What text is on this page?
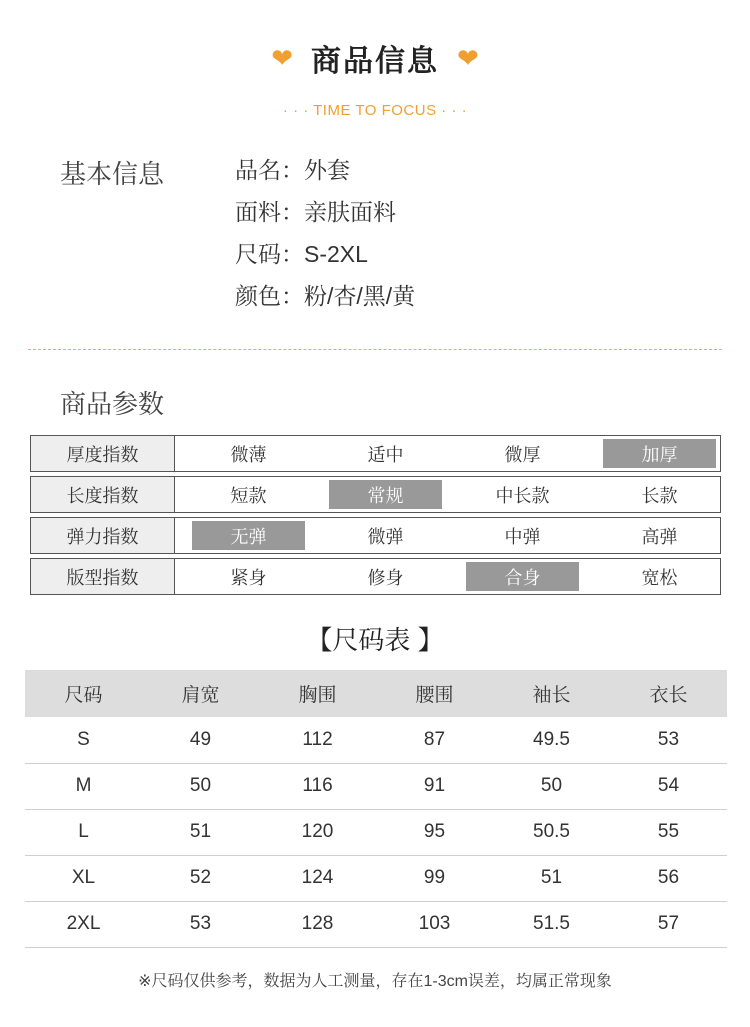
❤ 商品信息 ❤
· · · TIME TO FOCUS · · ·
基本信息	品名：外套
面料：亲肤面料
尺码：S-2XL
颜色：粉/杏/黑/黄
商品参数
厚度指数	微薄	适中	微厚	加厚
长度指数	短款	常规	中长款	长款
弹力指数	无弹	微弹	中弹	高弹
版型指数	紧身	修身	合身	宽松
【尺码表 】
尺码	肩宽	胸围	腰围	袖长	衣长
S	49	112	87	49.5	53
M	50	116	91	50	54
L	51	120	95	50.5	55
XL	52	124	99	51	56
2XL	53	128	103	51.5	57
※尺码仅供参考，数据为人工测量，存在1-3cm误差，均属正常现象
